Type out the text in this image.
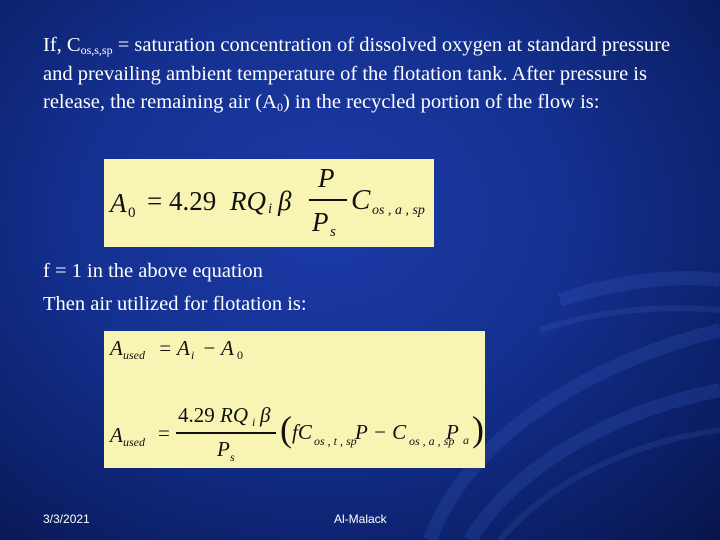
If, $C_{os,s,sp}$ = saturation concentration of dissolved oxygen at standard pressure and prevailing ambient temperature of the flotation tank. After pressure is release, the remaining air $(A_0)$ in the recycled portion of the flow is:

A 0 = 4.29 RQ i β
P
P s
C os , a , sp
f = 1 in the above equation
Then air utilized for flotation is:
A used = A i − A 0
A used =
4.29 RQ i β
P s
( fC os , t , sp
P − C os , a , sp
P a )
3/3/2021	Al-Malack
